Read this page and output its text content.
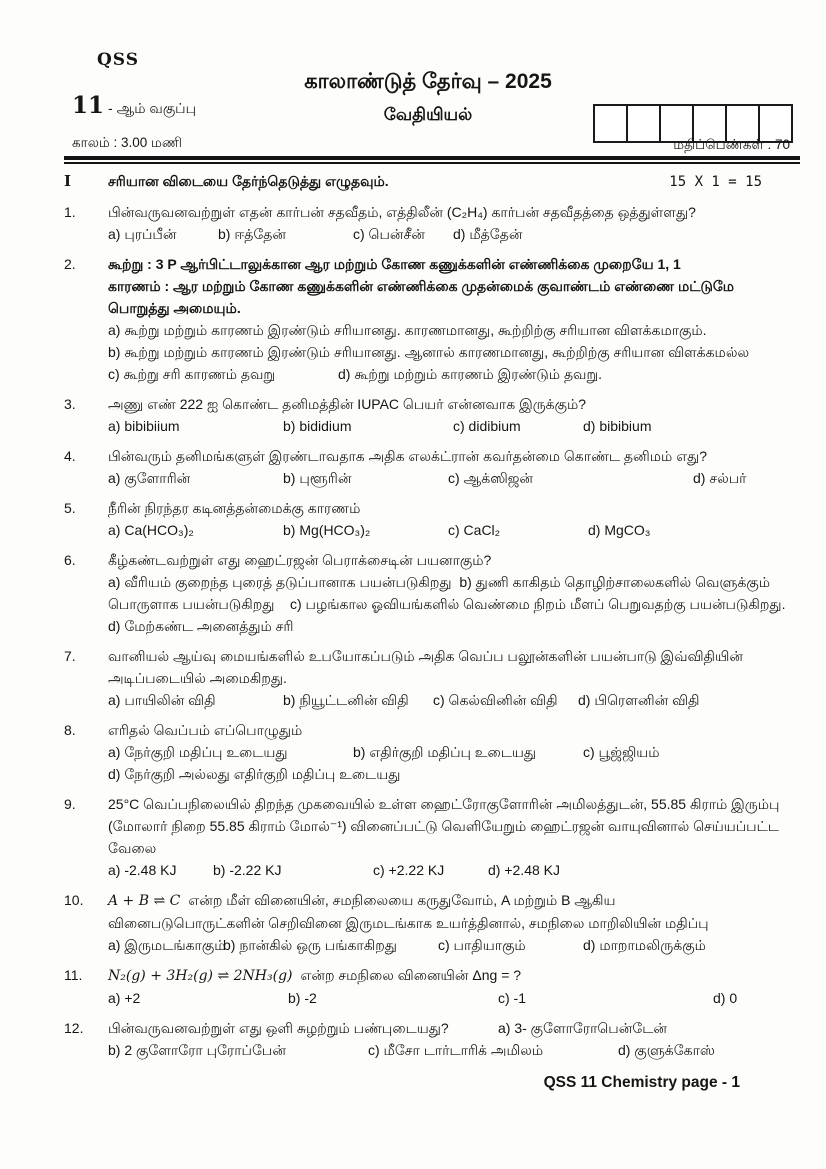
QSS
காலாண்டுத் தேர்வு – 2025
11 - ஆம் வகுப்பு	வேதியியல்
காலம் : 3.00 மணி	மதிப்பெண்கள் : 70
I	சரியான விடையை தேர்ந்தெடுத்து எழுதவும்.	15 X 1 = 15
1.	பின்வருவனவற்றுள் எதன் கார்பன் சதவீதம், எத்திலீன் (C₂H₄) கார்பன் சதவீதத்தை ஒத்துள்ளது?
a) புரப்பீன்	b) ஈத்தேன்	c) பென்சீன்	d) மீத்தேன்
2.	கூற்று : 3 P ஆர்பிட்டாலுக்கான ஆர மற்றும் கோண கணுக்களின் எண்ணிக்கை முறையே 1, 1
காரணம் : ஆர மற்றும் கோண கணுக்களின் எண்ணிக்கை முதன்மைக் குவாண்டம் எண்ணை மட்டுமே
பொறுத்து அமையும்.
a) கூற்று மற்றும் காரணம் இரண்டும் சரியானது. காரணமானது, கூற்றிற்கு சரியான விளக்கமாகும்.
b) கூற்று மற்றும் காரணம் இரண்டும் சரியானது. ஆனால் காரணமானது, கூற்றிற்கு சரியான விளக்கமல்ல
c) கூற்று சரி காரணம் தவறு	d) கூற்று மற்றும் காரணம் இரண்டும் தவறு.
3.	அணு எண் 222 ஐ கொண்ட தனிமத்தின் IUPAC பெயர் என்னவாக இருக்கும்?
a) bibibiium	b) bididium	c) didibium	d) bibibium
4.	பின்வரும் தனிமங்களுள் இரண்டாவதாக அதிக எலக்ட்ரான் கவர்தன்மை கொண்ட தனிமம் எது?
a) குளோரின்	b) புளூரின்	c) ஆக்ஸிஜன்	d) சல்பர்
5.	நீரின் நிரந்தர கடினத்தன்மைக்கு காரணம்
a) Ca(HCO₃)₂	b) Mg(HCO₃)₂	c) CaCl₂	d) MgCO₃
6.	கீழ்கண்டவற்றுள் எது ஹைட்ரஜன் பெராக்சைடின் பயனாகும்?
a) வீரியம் குறைந்த புரைத் தடுப்பானாக பயன்படுகிறது  b) துணி காகிதம் தொழிற்சாலைகளில் வெளுக்கும்
பொருளாக பயன்படுகிறது    c) பழங்கால ஓவியங்களில் வெண்மை நிறம் மீளப் பெறுவதற்கு பயன்படுகிறது.
d) மேற்கண்ட அனைத்தும் சரி
7.	வானியல் ஆய்வு மையங்களில் உபயோகப்படும் அதிக வெப்ப பலூன்களின் பயன்பாடு இவ்விதியின்
அடிப்படையில் அமைகிறது.
a) பாயிலின் விதி	b) நியூட்டனின் விதி	c) கெல்வினின் விதி	d) பிரௌனின் விதி
8.	எரிதல் வெப்பம் எப்பொழுதும்
a) நேர்குறி மதிப்பு உடையது	b) எதிர்குறி மதிப்பு உடையது	c) பூஜ்ஜியம்
d) நேர்குறி அல்லது எதிர்குறி மதிப்பு உடையது
9.	25°C வெப்பநிலையில் திறந்த முகவையில் உள்ள ஹைட்ரோகுளோரின் அமிலத்துடன், 55.85 கிராம் இரும்பு
(மோலார் நிறை 55.85 கிராம் மோல்⁻¹) வினைப்பட்டு வெளியேறும் ஹைட்ரஜன் வாயுவினால் செய்யப்பட்ட
வேலை
a) -2.48 KJ	b) -2.22 KJ	c) +2.22 KJ	d) +2.48 KJ
10.	A + B ⇌ C என்ற மீள் வினையின், சமநிலையை கருதுவோம், A மற்றும் B ஆகிய
வினைபடுபொருட்களின் செறிவினை இருமடங்காக உயர்த்தினால், சமநிலை மாறிலியின் மதிப்பு
a) இருமடங்காகும்
b) நான்கில் ஒரு பங்காகிறது	c) பாதியாகும்	d) மாறாமலிருக்கும்
11.	N₂(g) + 3H₂(g) ⇌ 2NH₃(g) என்ற சமநிலை வினையின் Δng = ?
a) +2	b) -2	c) -1	d) 0
12.	பின்வருவனவற்றுள் எது ஒளி சுழற்றும் பண்புடையது?	a) 3- குளோரோபென்டேன்
b) 2 குளோரோ புரோப்பேன்	c) மீசோ டார்டாரிக் அமிலம்	d) குளுக்கோஸ்
QSS 11 Chemistry page - 1
